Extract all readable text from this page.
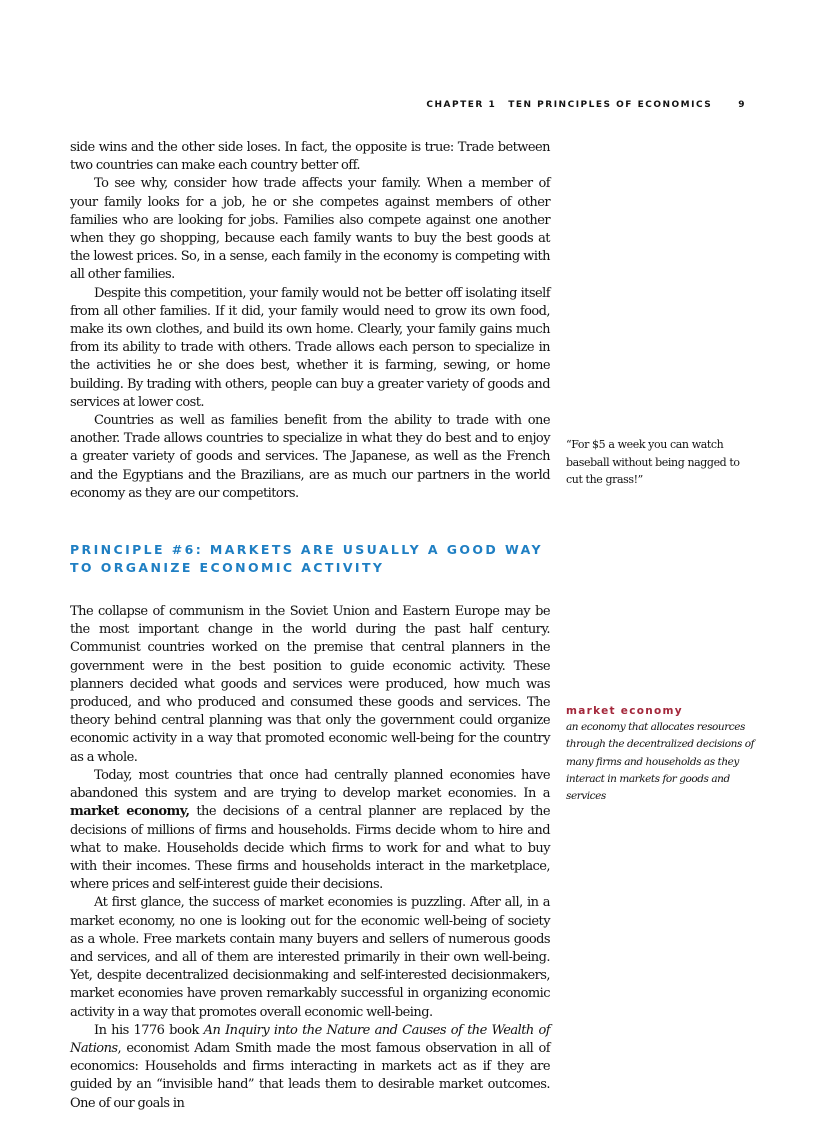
CHAPTER 1 TEN PRINCIPLES OF ECONOMICS	9

side wins and the other side loses. In fact, the opposite is true: Trade between two countries can make each country better off.

To see why, consider how trade affects your family. When a member of your family looks for a job, he or she competes against members of other families who are looking for jobs. Families also compete against one another when they go shopping, because each family wants to buy the best goods at the lowest prices. So, in a sense, each family in the economy is competing with all other families.

Despite this competition, your family would not be better off isolating itself from all other families. If it did, your family would need to grow its own food, make its own clothes, and build its own home. Clearly, your family gains much from its ability to trade with others. Trade allows each person to specialize in the activities he or she does best, whether it is farming, sewing, or home building. By trading with others, people can buy a greater variety of goods and services at lower cost.

Countries as well as families benefit from the ability to trade with one another. Trade allows countries to specialize in what they do best and to enjoy a greater variety of goods and services. The Japanese, as well as the French and the Egyptians and the Brazilians, are as much our partners in the world economy as they are our competitors.

PRINCIPLE #6: MARKETS ARE USUALLY A GOOD WAY
TO ORGANIZE ECONOMIC ACTIVITY

The collapse of communism in the Soviet Union and Eastern Europe may be the most important change in the world during the past half century. Communist countries worked on the premise that central planners in the government were in the best position to guide economic activity. These planners decided what goods and services were produced, how much was produced, and who produced and consumed these goods and services. The theory behind central planning was that only the government could organize economic activity in a way that promoted economic well-being for the country as a whole.

Today, most countries that once had centrally planned economies have abandoned this system and are trying to develop market economies. In a market economy, the decisions of a central planner are replaced by the decisions of millions of firms and households. Firms decide whom to hire and what to make. Households decide which firms to work for and what to buy with their incomes. These firms and households interact in the marketplace, where prices and self-interest guide their decisions.

At first glance, the success of market economies is puzzling. After all, in a market economy, no one is looking out for the economic well-being of society as a whole. Free markets contain many buyers and sellers of numerous goods and services, and all of them are interested primarily in their own well-being. Yet, despite decentralized decisionmaking and self-interested decisionmakers, market economies have proven remarkably successful in organizing economic activity in a way that promotes overall economic well-being.

In his 1776 book An Inquiry into the Nature and Causes of the Wealth of Nations, economist Adam Smith made the most famous observation in all of economics: Households and firms interacting in markets act as if they are guided by an “invisible hand” that leads them to desirable market outcomes. One of our goals in

“For $5 a week you can watch baseball without being nagged to cut the grass!”
market economy
an economy that allocates resources through the decentralized decisions of many firms and households as they interact in markets for goods and services
